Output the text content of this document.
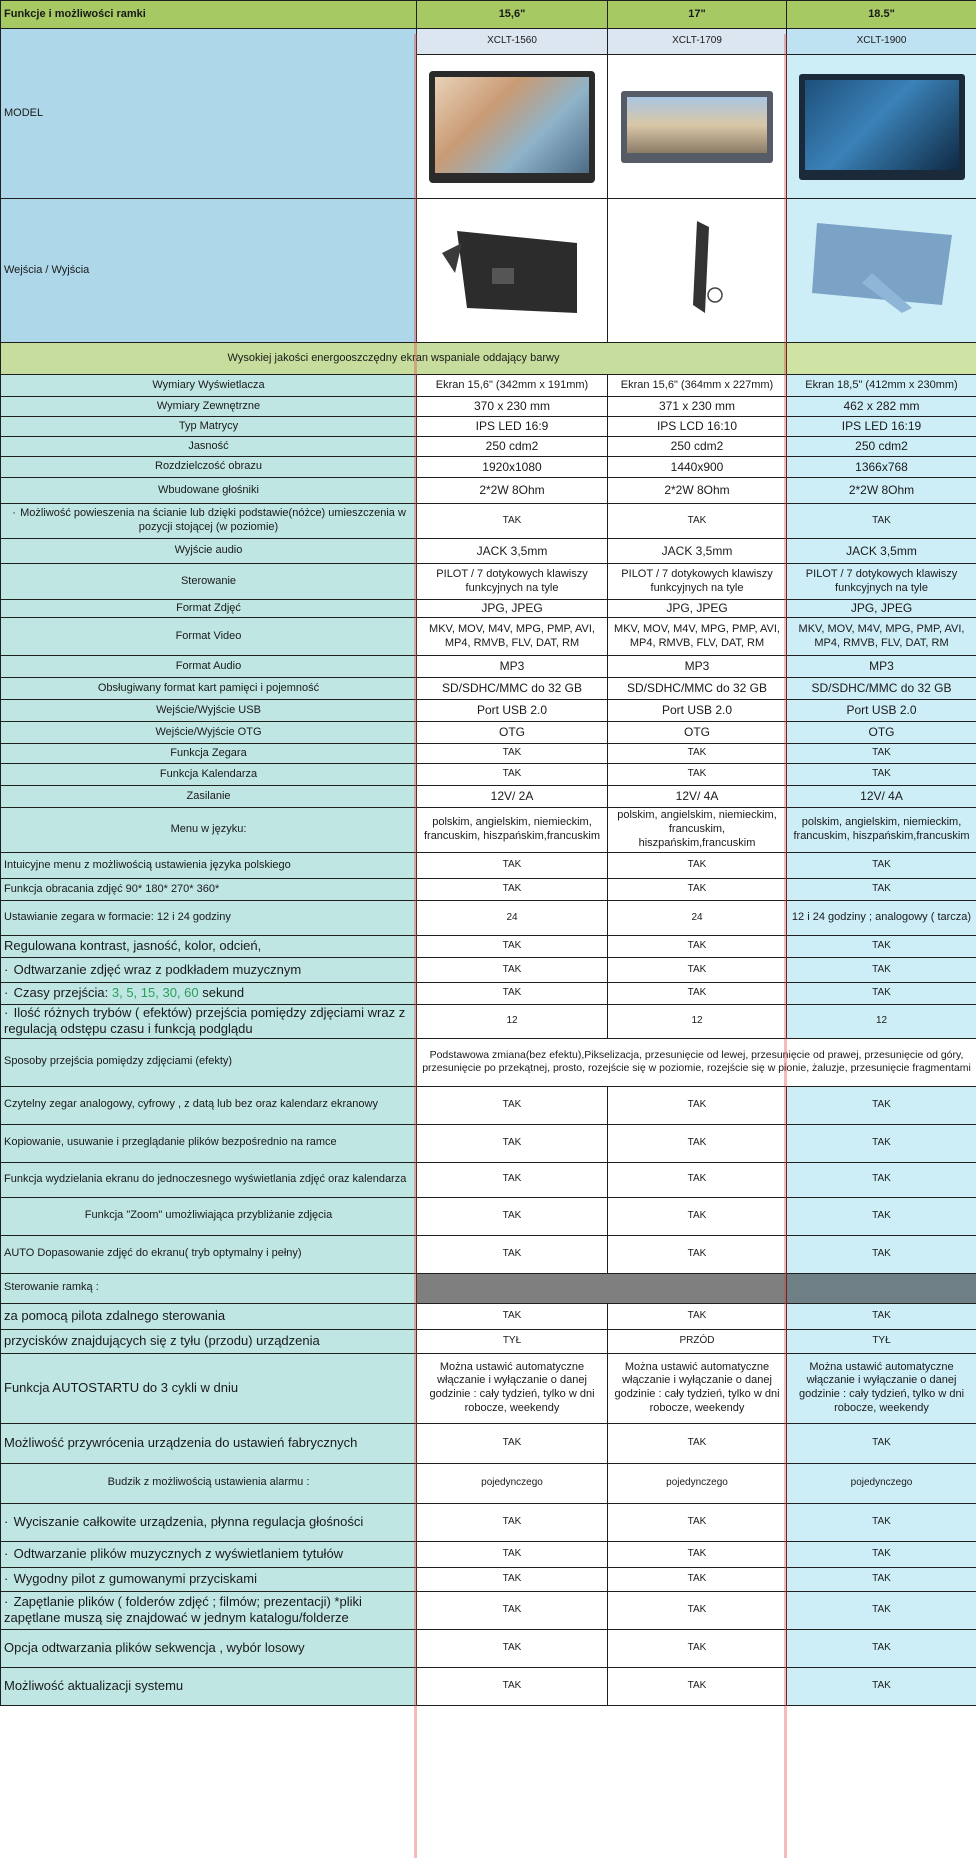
Funkcje i możliwości ramki	15,6"	17"	18.5"
MODEL	XCLT-1560	XCLT-1709	XCLT-1900

Wejścia / Wyjścia			
Wysokiej jakości energooszczędny ekran wspaniale oddający barwy			
Wymiary Wyświetlacza	Ekran 15,6" (342mm x 191mm)	Ekran 15,6" (364mm x 227mm)	Ekran 18,5" (412mm x 230mm)
Wymiary Zewnętrzne	370 x 230 mm	371 x 230 mm	462 x 282 mm
Typ Matrycy	IPS LED 16:9	IPS LCD 16:10	IPS LED 16:19
Jasność	250 cdm2	250 cdm2	250 cdm2
Rozdzielczość obrazu	1920x1080	1440x900	1366x768
Wbudowane głośniki	2*2W 8Ohm	2*2W 8Ohm	2*2W 8Ohm
· Możliwość powieszenia na ścianie lub dzięki podstawie(nóżce) umieszczenia w pozycji stojącej (w poziomie)	TAK	TAK	TAK
Wyjście audio	JACK 3,5mm	JACK 3,5mm	JACK 3,5mm
Sterowanie	PILOT / 7 dotykowych klawiszy funkcyjnych na tyle	PILOT / 7 dotykowych klawiszy funkcyjnych na tyle	PILOT / 7 dotykowych klawiszy funkcyjnych na tyle
Format Zdjęć	JPG, JPEG	JPG, JPEG	JPG, JPEG
Format Video	MKV, MOV, M4V, MPG, PMP, AVI, MP4, RMVB, FLV, DAT, RM	MKV, MOV, M4V, MPG, PMP, AVI, MP4, RMVB, FLV, DAT, RM	MKV, MOV, M4V, MPG, PMP, AVI, MP4, RMVB, FLV, DAT, RM
Format Audio	MP3	MP3	MP3
Obsługiwany format kart pamięci i pojemność	SD/SDHC/MMC do 32 GB	SD/SDHC/MMC do 32 GB	SD/SDHC/MMC do 32 GB
Wejście/Wyjście USB	Port USB 2.0	Port USB 2.0	Port USB 2.0
Wejście/Wyjście OTG	OTG	OTG	OTG
Funkcja Zegara	TAK	TAK	TAK
Funkcja Kalendarza	TAK	TAK	TAK
Zasilanie	12V/ 2A	12V/ 4A	12V/ 4A
Menu w języku:	polskim, angielskim, niemieckim, francuskim, hiszpańskim,francuskim	polskim, angielskim, niemieckim, francuskim, hiszpańskim,francuskim	polskim, angielskim, niemieckim, francuskim, hiszpańskim,francuskim
Intuicyjne menu z możliwością ustawienia języka polskiego	TAK	TAK	TAK
Funkcja obracania zdjęć 90* 180* 270* 360*	TAK	TAK	TAK
Ustawianie zegara w formacie: 12 i 24 godziny	24	24	12 i 24 godziny ; analogowy ( tarcza)
Regulowana kontrast, jasność, kolor, odcień,	TAK	TAK	TAK
· Odtwarzanie zdjęć wraz z podkładem muzycznym	TAK	TAK	TAK
· Czasy przejścia: 3, 5, 15, 30, 60 sekund	TAK	TAK	TAK
· Ilość różnych trybów ( efektów) przejścia pomiędzy zdjęciami wraz z regulacją odstępu czasu i funkcją podglądu	12	12	12
Sposoby przejścia pomiędzy zdjęciami (efekty)	Podstawowa zmiana(bez efektu),Pikselizacja, przesunięcie od lewej, przesunięcie od prawej, przesunięcie od góry, przesunięcie po przekątnej, prosto, rozejście się w poziomie, rozejście się w pionie, żaluzje, przesunięcie fragmentami		
Czytelny zegar analogowy, cyfrowy , z datą lub bez oraz kalendarz ekranowy	TAK	TAK	TAK
Kopiowanie, usuwanie i przeglądanie plików bezpośrednio na ramce	TAK	TAK	TAK
Funkcja wydzielania ekranu do jednoczesnego wyświetlania zdjęć oraz kalendarza	TAK	TAK	TAK
Funkcja "Zoom" umożliwiająca przybliżanie zdjęcia	TAK	TAK	TAK
AUTO Dopasowanie zdjęć do ekranu( tryb optymalny i pełny)	TAK	TAK	TAK
Sterowanie ramką :			
za pomocą pilota zdalnego sterowania	TAK	TAK	TAK
przycisków znajdujących się z tyłu (przodu) urządzenia	TYŁ	PRZÓD	TYŁ
Funkcja AUTOSTARTU do 3 cykli w dniu	Można ustawić automatyczne włączanie i wyłączanie o danej godzinie : cały tydzień, tylko w dni robocze, weekendy	Można ustawić automatyczne włączanie i wyłączanie o danej godzinie : cały tydzień, tylko w dni robocze, weekendy	Można ustawić automatyczne włączanie i wyłączanie o danej godzinie : cały tydzień, tylko w dni robocze, weekendy
Możliwość przywrócenia urządzenia do ustawień fabrycznych	TAK	TAK	TAK
Budzik z możliwością ustawienia alarmu :	pojedynczego	pojedynczego	pojedynczego
· Wyciszanie całkowite urządzenia, płynna regulacja głośności	TAK	TAK	TAK
· Odtwarzanie plików muzycznych z wyświetlaniem tytułów	TAK	TAK	TAK
· Wygodny pilot z gumowanymi przyciskami	TAK	TAK	TAK
· Zapętlanie plików ( folderów zdjęć ; filmów; prezentacji) *pliki zapętlane muszą się znajdować w jednym katalogu/folderze	TAK	TAK	TAK
Opcja odtwarzania plików sekwencja , wybór losowy	TAK	TAK	TAK
Możliwość aktualizacji systemu	TAK	TAK	TAK
